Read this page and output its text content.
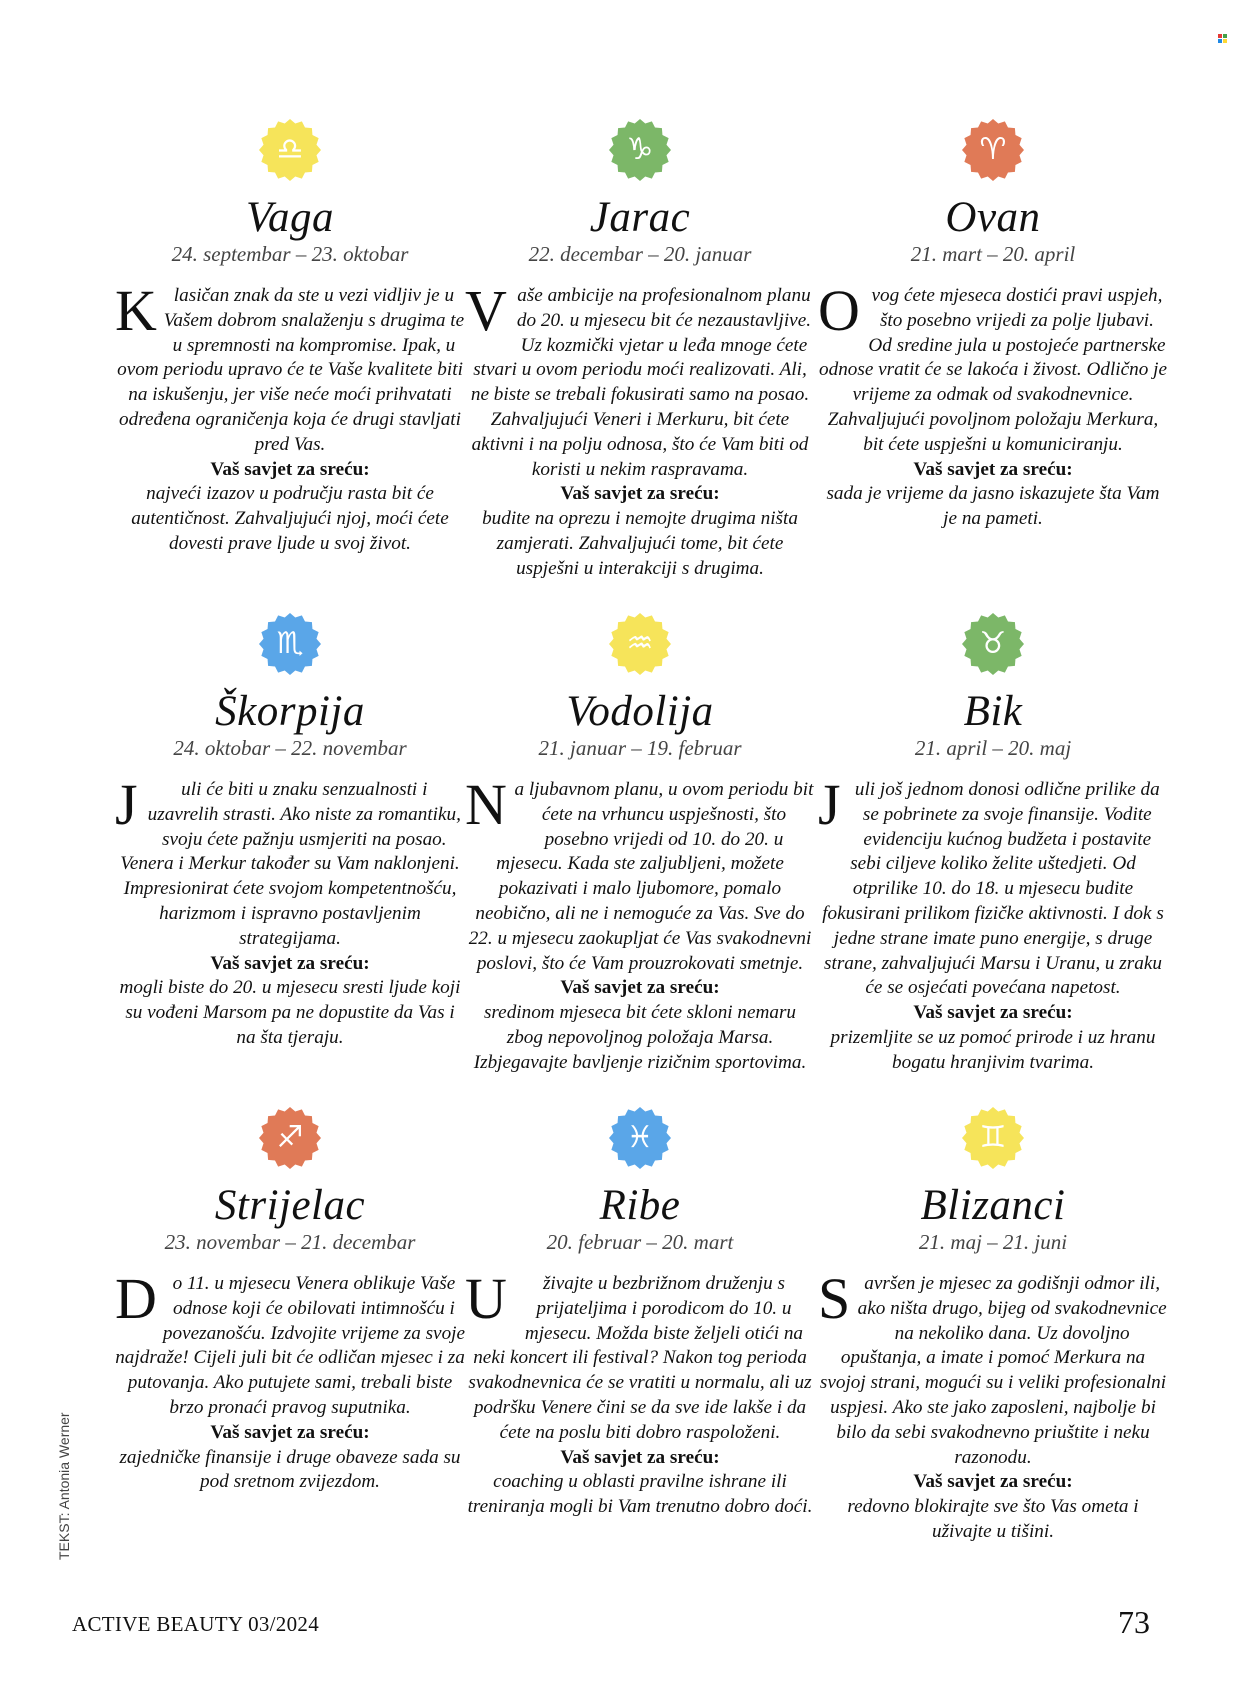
♎
Vaga
24. septembar – 23. oktobar
Klasičan znak da ste u vezi vidljiv je u Vašem dobrom snalaženju s drugima te u spremnosti na kompromise. Ipak, u ovom periodu upravo će te Vaše kvalitete biti na iskušenju, jer više neće moći prihvatati određena ograničenja koja će drugi stavljati pred Vas.
Vaš savjet za sreću:
najveći izazov u području rasta bit će autentičnost. Zahvaljujući njoj, moći ćete dovesti prave ljude u svoj život.
♑
Jarac
22. decembar – 20. januar
Vaše ambicije na profesionalnom planu do 20. u mjesecu bit će nezaustavljive. Uz kozmički vjetar u leđa mnoge ćete stvari u ovom periodu moći realizovati. Ali, ne biste se trebali fokusirati samo na posao. Zahvaljujući Veneri i Merkuru, bit ćete aktivni i na polju odnosa, što će Vam biti od koristi u nekim raspravama.
Vaš savjet za sreću:
budite na oprezu i nemojte drugima ništa zamjerati. Zahvaljujući tome, bit ćete uspješni u interakciji s drugima.
♈
Ovan
21. mart – 20. april
Ovog ćete mjeseca dostići pravi uspjeh, što posebno vrijedi za polje ljubavi. Od sredine jula u postojeće partnerske odnose vratit će se lakoća i živost. Odlično je vrijeme za odmak od svakodnevnice. Zahvaljujući povoljnom položaju Merkura, bit ćete uspješni u komuniciranju.
Vaš savjet za sreću:
sada je vrijeme da jasno iskazujete šta Vam je na pameti.
♏
Škorpija
24. oktobar – 22. novembar
J uli će biti u znaku senzualnosti i uzavrelih strasti. Ako niste za romantiku, svoju ćete pažnju usmjeriti na posao. Venera i Merkur također su Vam naklonjeni. Impresionirat ćete svojom kompetentnošću, harizmom i ispravno postavljenim strategijama.
Vaš savjet za sreću:
mogli biste do 20. u mjesecu sresti ljude koji su vođeni Marsom pa ne dopustite da Vas i na šta tjeraju.
♒
Vodolija
21. januar – 19. februar
Na ljubavnom planu, u ovom periodu bit ćete na vrhuncu uspješnosti, što posebno vrijedi od 10. do 20. u mjesecu. Kada ste zaljubljeni, možete pokazivati i malo ljubomore, pomalo neobično, ali ne i nemoguće za Vas. Sve do 22. u mjesecu zaokupljat će Vas svakodnevni poslovi, što će Vam prouzrokovati smetnje.
Vaš savjet za sreću:
sredinom mjeseca bit ćete skloni nemaru zbog nepovoljnog položaja Marsa. Izbjegavajte bavljenje rizičnim sportovima.
♉
Bik
21. april – 20. maj
Juli još jednom donosi odlične prilike da se pobrinete za svoje finansije. Vodite evidenciju kućnog budžeta i postavite sebi ciljeve koliko želite uštedjeti. Od otprilike 10. do 18. u mjesecu budite fokusirani prilikom fizičke aktivnosti. I dok s jedne strane imate puno energije, s druge strane, zahvaljujući Marsu i Uranu, u zraku će se osjećati povećana napetost.
Vaš savjet za sreću:
prizemljite se uz pomoć prirode i uz hranu bogatu hranjivim tvarima.
♐
Strijelac
23. novembar – 21. decembar
Do 11. u mjesecu Venera oblikuje Vaše odnose koji će obilovati intimnošću i povezanošću. Izdvojite vrijeme za svoje najdraže! Cijeli juli bit će odličan mjesec i za putovanja. Ako putujete sami, trebali biste brzo pronaći pravog suputnika.
Vaš savjet za sreću:
zajedničke finansije i druge obaveze sada su pod sretnom zvijezdom.
♓
Ribe
20. februar – 20. mart
U živajte u bezbrižnom druženju s prijateljima i porodicom do 10. u mjesecu. Možda biste željeli otići na neki koncert ili festival? Nakon tog perioda svakodnevnica će se vratiti u normalu, ali uz podršku Venere čini se da sve ide lakše i da ćete na poslu biti dobro raspoloženi.
Vaš savjet za sreću:
coaching u oblasti pravilne ishrane ili treniranja mogli bi Vam trenutno dobro doći.
♊
Blizanci
21. maj – 21. juni
Savršen je mjesec za godišnji odmor ili, ako ništa drugo, bijeg od svakodnevnice na nekoliko dana. Uz dovoljno opuštanja, a imate i pomoć Merkura na svojoj strani, mogući su i veliki profesionalni uspjesi. Ako ste jako zaposleni, najbolje bi bilo da sebi svakodnevno priuštite i neku razonodu.
Vaš savjet za sreću:
redovno blokirajte sve što Vas ometa i uživajte u tišini.
TEKST: Antonia Werner
ACTIVE BEAUTY 03/2024	73
